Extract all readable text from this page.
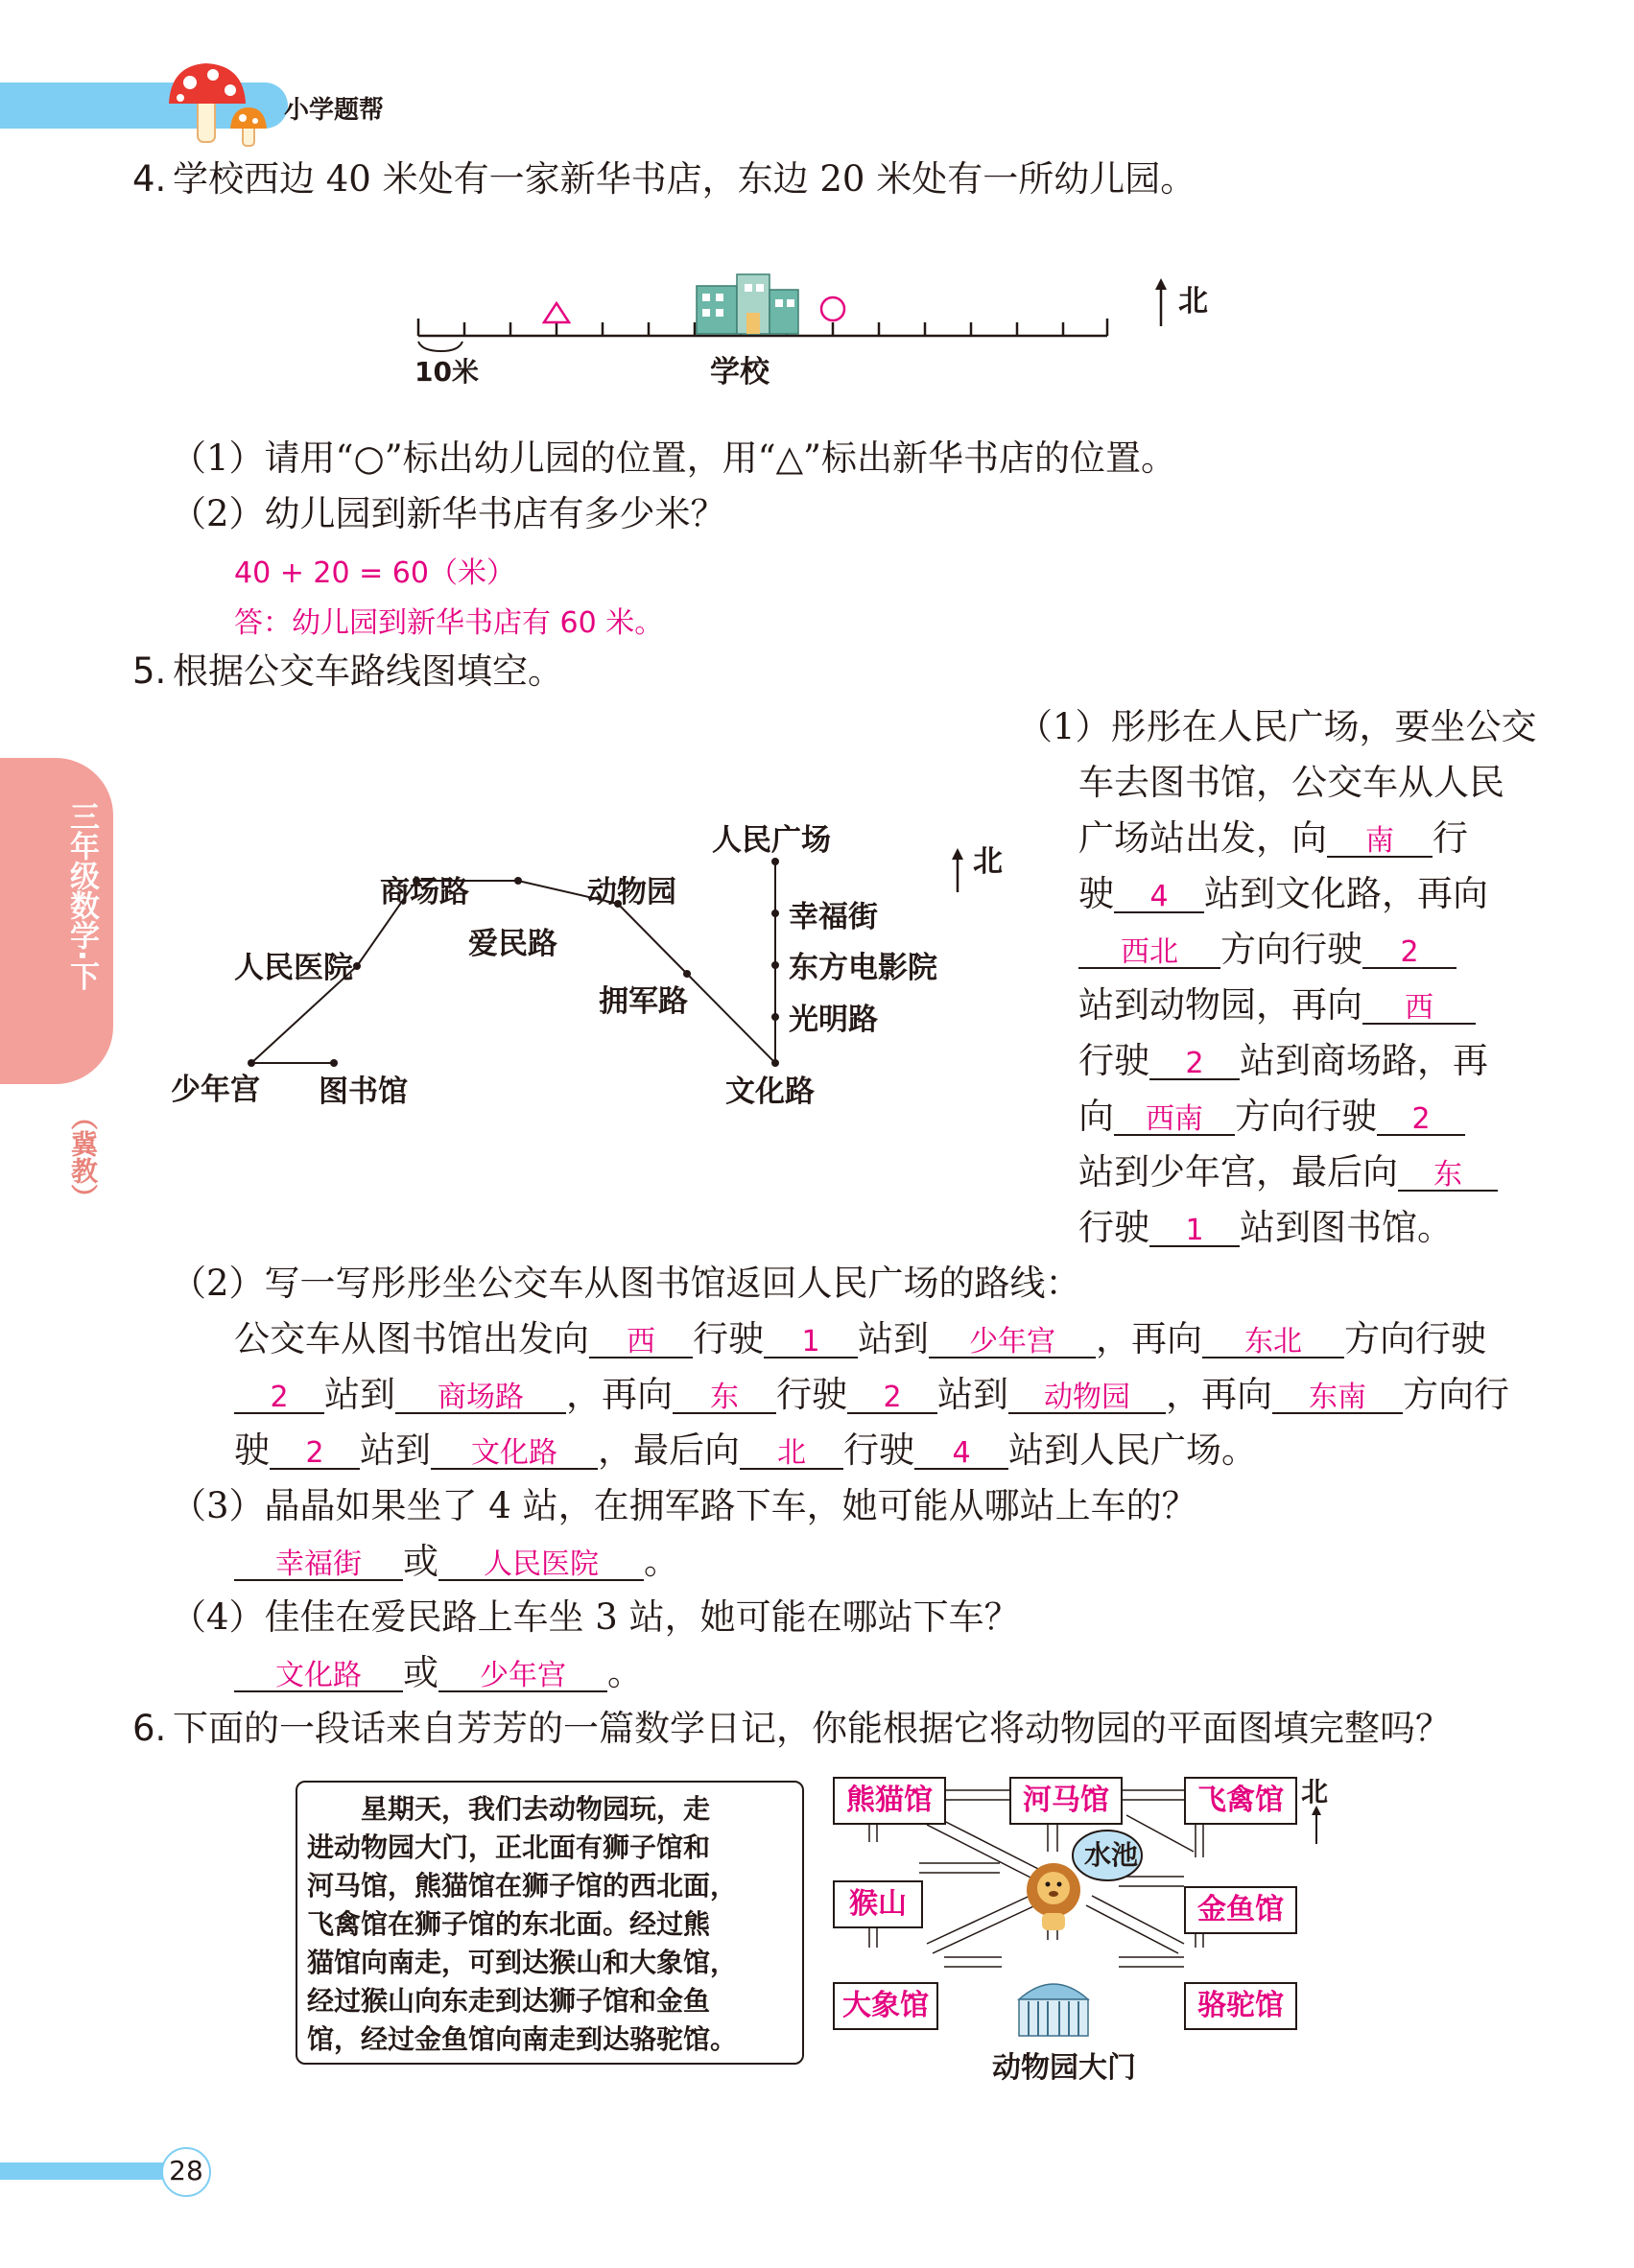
小学题帮
三年级数学·下
（冀教）
4. 学校西边 40 米处有一家新华书店，东边 20 米处有一所幼儿园。
北
10米	学校
（1）请用“○”标出幼儿园的位置，用“△”标出新华书店的位置。
（2）幼儿园到新华书店有多少米？
40 + 20 = 60（米）
答：幼儿园到新华书店有 60 米。
5. 根据公交车路线图填空。
人民广场
幸福街
东方电影院
光明路
文化路
拥军路
动物园
爱民路
商场路
人民医院
少年宫 图书馆
北
（1）彤彤在人民广场，要坐公交
车去图书馆，公交车从人民
广场站出发，向 南 行
驶 4 站到文化路，再向
西北 方向行驶 2
站到动物园，再向 西
行驶 2 站到商场路，再
向 西南 方向行驶 2
站到少年宫，最后向 东
行驶 1 站到图书馆。
（2）写一写彤彤坐公交车从图书馆返回人民广场的路线：
公交车从图书馆出发向 西 行驶 1 站到 少年宫 ，再向 东北 方向行驶
2 站到 商场路 ，再向 东 行驶 2 站到 动物园 ，再向 东南 方向行
驶 2 站到 文化路 ，最后向 北 行驶 4 站到人民广场。
（3）晶晶如果坐了 4 站，在拥军路下车，她可能从哪站上车的？
幸福街 或 人民医院 。
（4）佳佳在爱民路上车坐 3 站，她可能在哪站下车？
文化路 或 少年宫 。
6. 下面的一段话来自芳芳的一篇数学日记，你能根据它将动物园的平面图填完整吗？
星期天，我们去动物园玩，走
进动物园大门，正北面有狮子馆和
河马馆，熊猫馆在狮子馆的西北面，
飞禽馆在狮子馆的东北面。经过熊
猫馆向南走，可到达猴山和大象馆，
经过猴山向东走到达狮子馆和金鱼
馆，经过金鱼馆向南走到达骆驼馆。
北
水池
动物园大门
熊猫馆	河马馆	飞禽馆
猴山	金鱼馆
大象馆	骆驼馆
28
